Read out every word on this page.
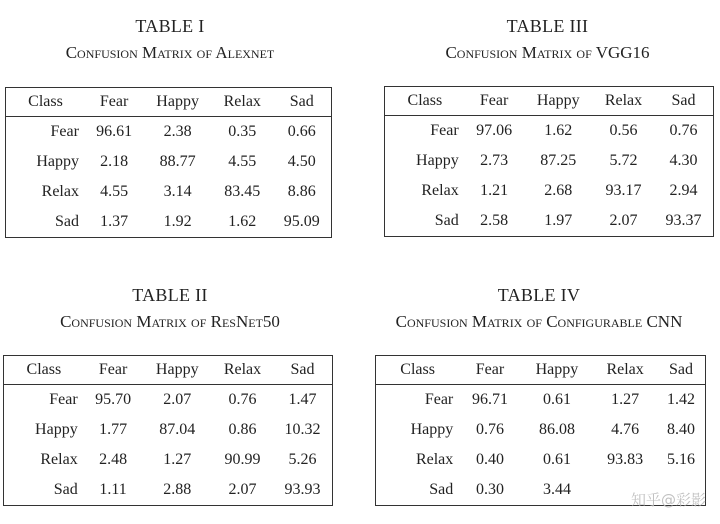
TABLE I
Confusion Matrix of Alexnet
Class	Fear	Happy	Relax	Sad
Fear	96.61	2.38	0.35	0.66
Happy	2.18	88.77	4.55	4.50
Relax	4.55	3.14	83.45	8.86
Sad	1.37	1.92	1.62	95.09
TABLE III
Confusion Matrix of VGG16
Class	Fear	Happy	Relax	Sad
Fear	97.06	1.62	0.56	0.76
Happy	2.73	87.25	5.72	4.30
Relax	1.21	2.68	93.17	2.94
Sad	2.58	1.97	2.07	93.37
TABLE II
Confusion Matrix of ResNet50
Class	Fear	Happy	Relax	Sad
Fear	95.70	2.07	0.76	1.47
Happy	1.77	87.04	0.86	10.32
Relax	2.48	1.27	90.99	5.26
Sad	1.11	2.88	2.07	93.93
TABLE IV
Confusion Matrix of Configurable CNN
Class	Fear	Happy	Relax	Sad
Fear	96.71	0.61	1.27	1.42
Happy	0.76	86.08	4.76	8.40
Relax	0.40	0.61	93.83	5.16
Sad	0.30	3.44		
知乎@彩影
